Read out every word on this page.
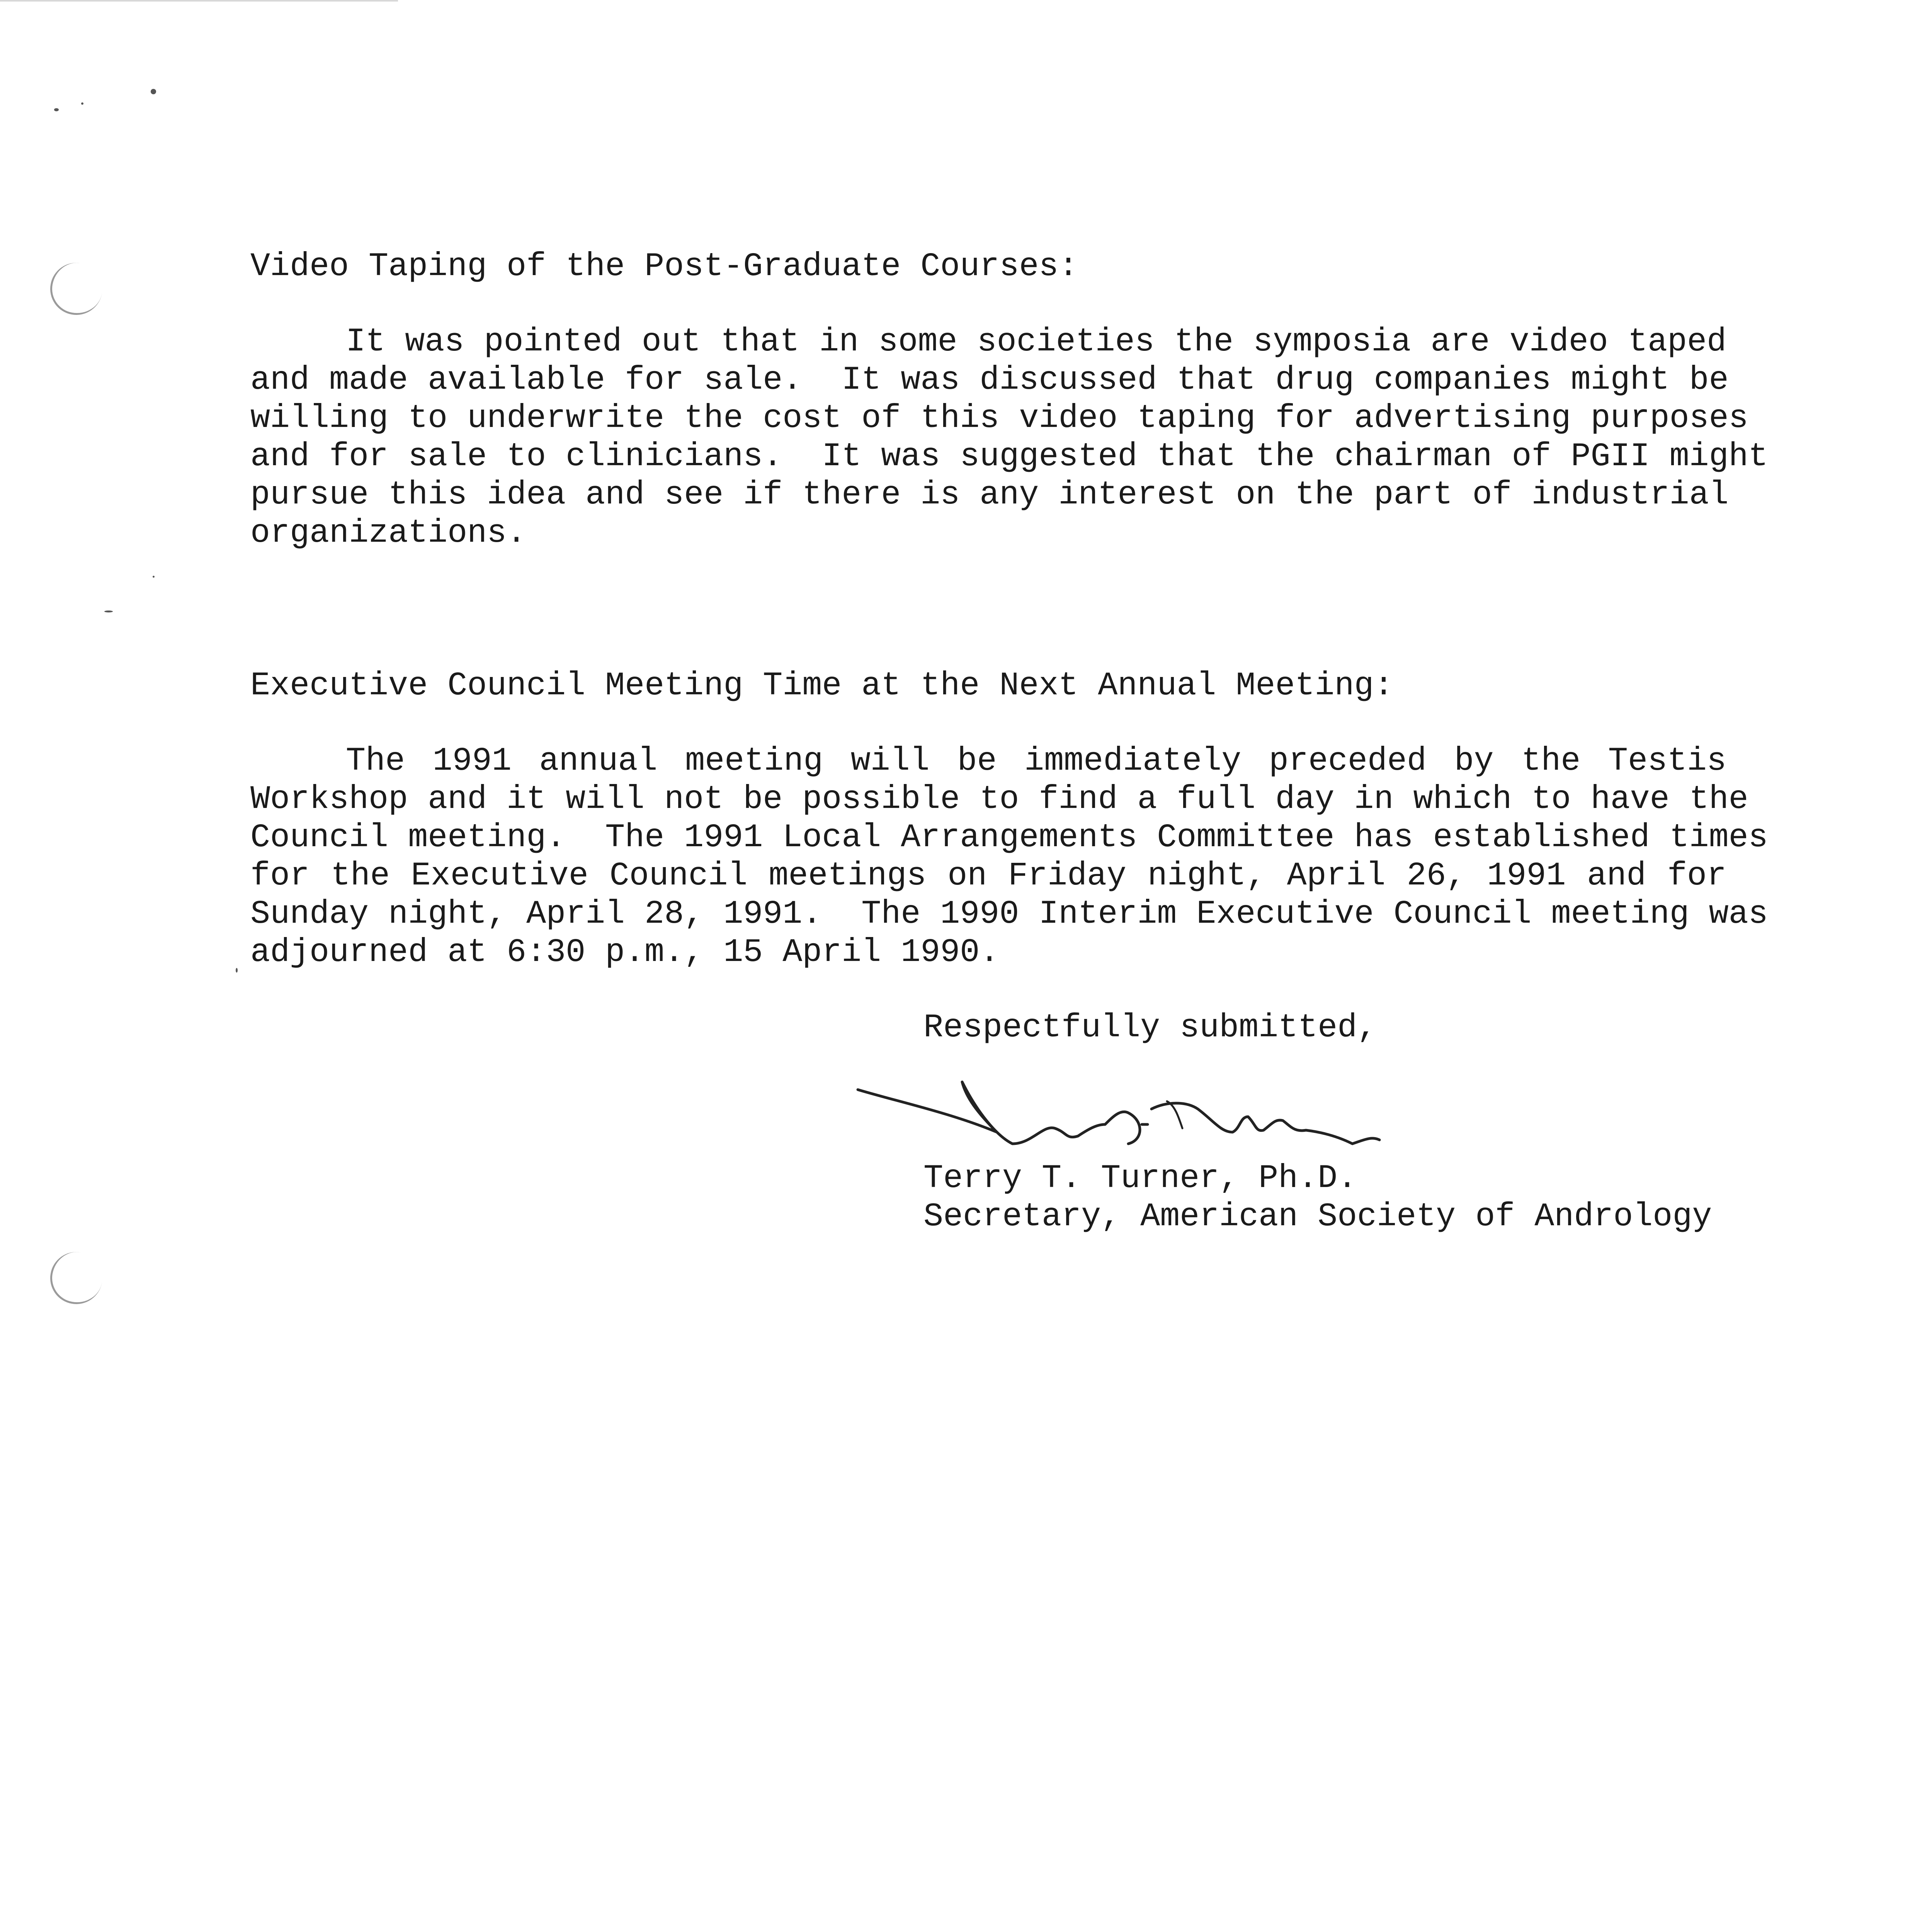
Video Taping of the Post-Graduate Courses:
It was pointed out that in some societies the symposia are video taped
and made available for sale.  It was discussed that drug companies might be
willing to underwrite the cost of this video taping for advertising purposes
and for sale to clinicians.  It was suggested that the chairman of PGII might
pursue this idea and see if there is any interest on the part of industrial
organizations.
Executive Council Meeting Time at the Next Annual Meeting:
The 1991 annual meeting will be immediately preceded by the Testis
Workshop and it will not be possible to find a full day in which to have the
Council meeting.  The 1991 Local Arrangements Committee has established times
for the Executive Council meetings on Friday night, April 26, 1991 and for
Sunday night, April 28, 1991.  The 1990 Interim Executive Council meeting was
adjourned at 6:30 p.m., 15 April 1990.
Respectfully submitted,
Terry T. Turner, Ph.D.
Secretary, American Society of Andrology
